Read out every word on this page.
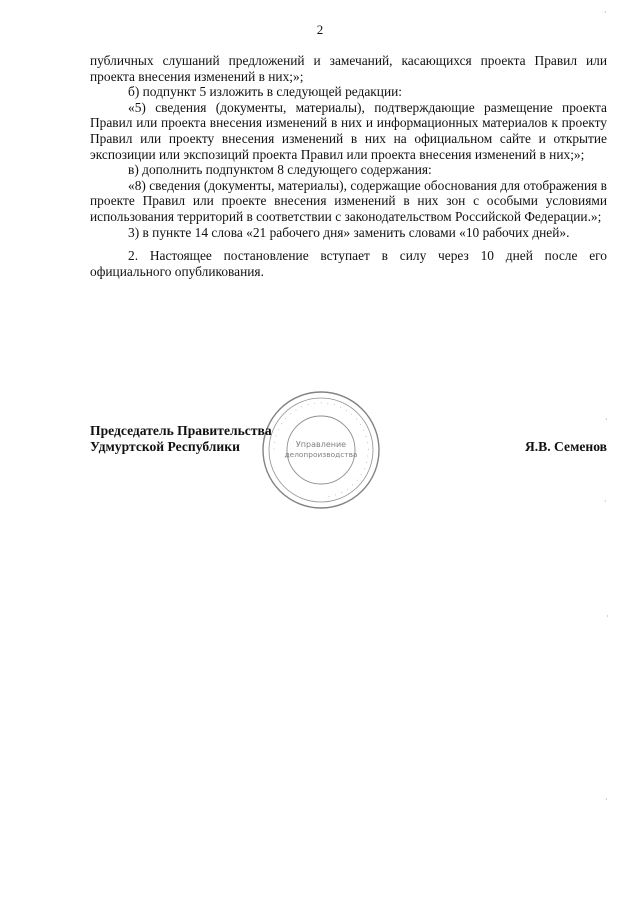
2

публичных слушаний предложений и замечаний, касающихся проекта Правил или проекта внесения изменений в них;»;

б) подпункт 5 изложить в следующей редакции:

«5) сведения (документы, материалы), подтверждающие размещение проекта Правил или проекта внесения изменений в них и информационных материалов к проекту Правил или проекту внесения изменений в них на официальном сайте и открытие экспозиции или экспозиций проекта Правил или проекта внесения изменений в них;»;

в) дополнить подпунктом 8 следующего содержания:

«8) сведения (документы, материалы), содержащие обоснования для отображения в проекте Правил или проекте внесения изменений в них зон с особыми условиями использования территорий в соответствии с законодательством Российской Федерации.»;

3) в пункте 14 слова «21 рабочего дня» заменить словами «10 рабочих дней».

2. Настоящее постановление вступает в силу через 10 дней после его официального опубликования.

· · · · · · · · · · · · · · · · · · · · · · · · · · · · · · · · ·
Управление
делопроизводства
Председатель Правительства
Удмуртской Республики	Я.В. Семенов
·
·
·
·
·
